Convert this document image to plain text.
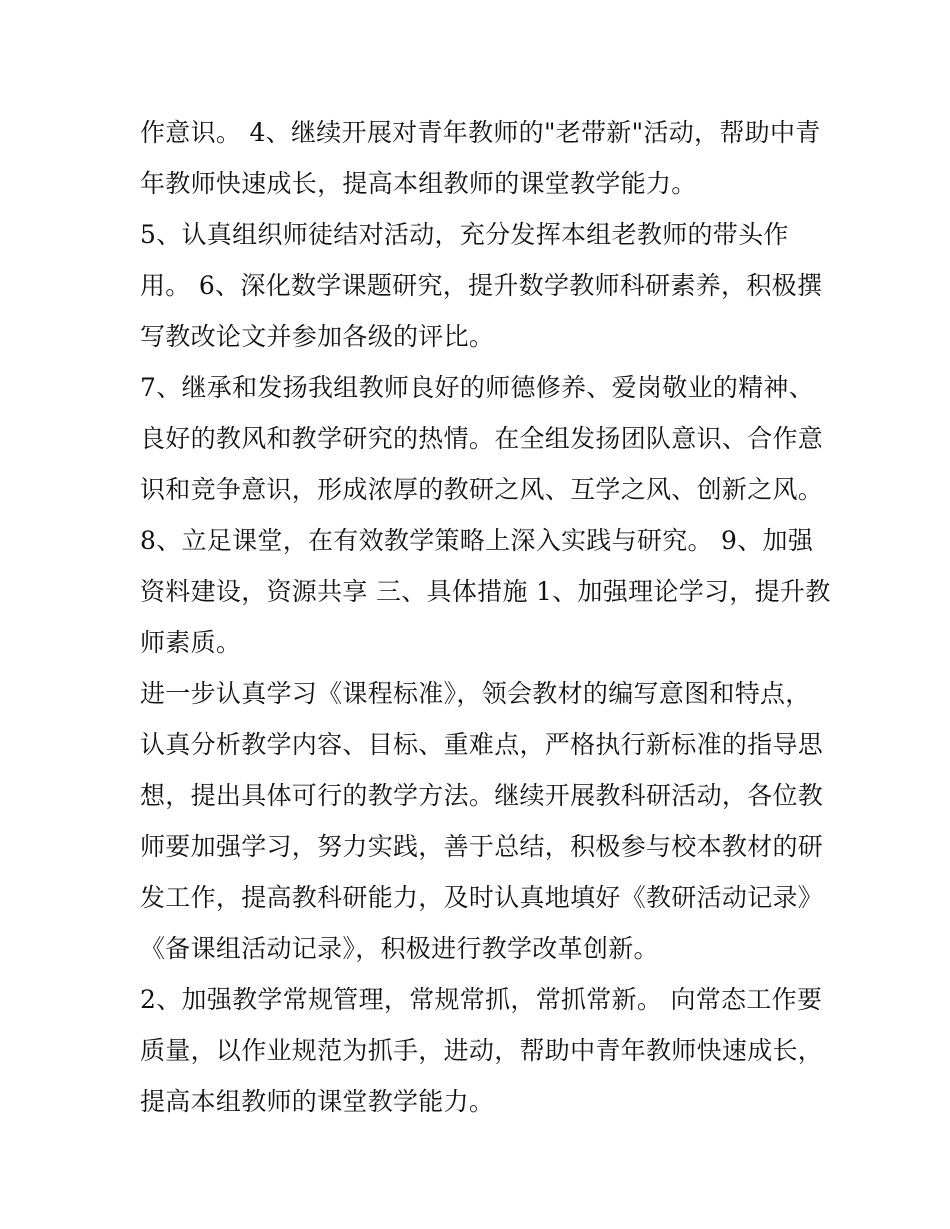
作意识。 4、继续开展对青年教师的"老带新"活动，帮助中青
年教师快速成长，提高本组教师的课堂教学能力。
5、认真组织师徒结对活动，充分发挥本组老教师的带头作
用。 6、深化数学课题研究，提升数学教师科研素养，积极撰
写教改论文并参加各级的评比。
7、继承和发扬我组教师良好的师德修养、爱岗敬业的精神、
良好的教风和教学研究的热情。在全组发扬团队意识、合作意
识和竞争意识，形成浓厚的教研之风、互学之风、创新之风。
8、立足课堂，在有效教学策略上深入实践与研究。 9、加强
资料建设，资源共享 三、具体措施 1、加强理论学习，提升教
师素质。
进一步认真学习《课程标准》，领会教材的编写意图和特点，
认真分析教学内容、目标、重难点，严格执行新标准的指导思
想，提出具体可行的教学方法。继续开展教科研活动，各位教
师要加强学习，努力实践，善于总结，积极参与校本教材的研
发工作，提高教科研能力，及时认真地填好《教研活动记录》
《备课组活动记录》，积极进行教学改革创新。
2、加强教学常规管理，常规常抓，常抓常新。 向常态工作要
质量，以作业规范为抓手，进动，帮助中青年教师快速成长，
提高本组教师的课堂教学能力。
